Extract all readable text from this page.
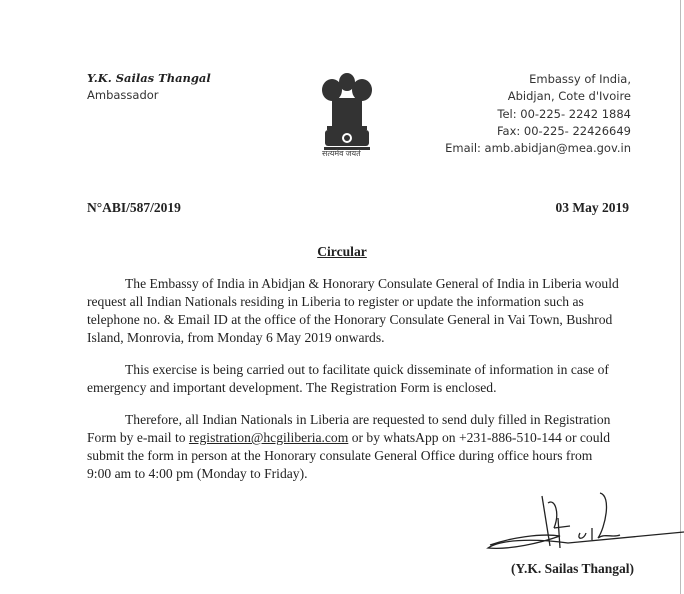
Y.K. Sailas Thangal
Ambassador
सत्यमेव जयते
Embassy of India,
Abidjan, Cote d'Ivoire
Tel: 00-225- 2242 1884
Fax: 00-225- 22426649
Email: amb.abidjan@mea.gov.in
N°ABI/587/2019	03 May 2019
Circular
The Embassy of India in Abidjan & Honorary Consulate General of India in Liberia would
request all Indian Nationals residing in Liberia to register or update the information such as
telephone no. & Email ID at the office of the Honorary Consulate General in Vai Town, Bushrod
Island, Monrovia, from Monday 6 May 2019 onwards.
This exercise is being carried out to facilitate quick disseminate of information in case of
emergency and important development. The Registration Form is enclosed.
Therefore, all Indian Nationals in Liberia are requested to send duly filled in Registration
Form by e-mail to registration@hcgiliberia.com or by whatsApp on +231-886-510-144 or could
submit the form in person at the Honorary consulate General Office during office hours from
9:00 am to 4:00 pm (Monday to Friday).
(Y.K. Sailas Thangal)
